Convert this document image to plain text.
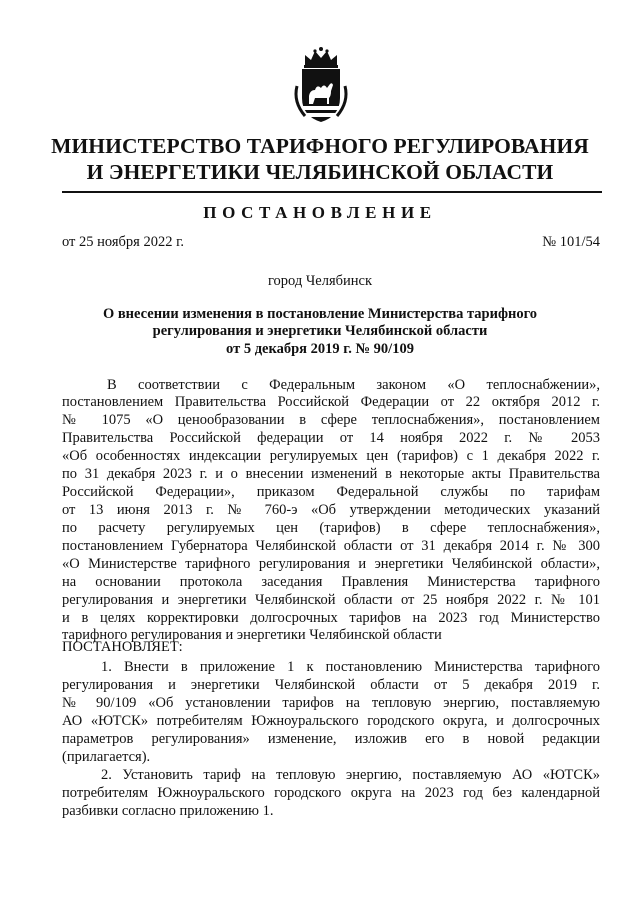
МИНИСТЕРСТВО ТАРИФНОГО РЕГУЛИРОВАНИЯ
И ЭНЕРГЕТИКИ ЧЕЛЯБИНСКОЙ ОБЛАСТИ
ПОСТАНОВЛЕНИЕ
от 25 ноября 2022 г.	№ 101/54
город Челябинск
О внесении изменения в постановление Министерства тарифного
регулирования и энергетики Челябинской области
от 5 декабря 2019 г. № 90/109
В соответствии с Федеральным законом «О теплоснабжении»,
постановлением Правительства Российской Федерации от 22 октября 2012 г.
№ 1075 «О ценообразовании в сфере теплоснабжения», постановлением
Правительства Российской федерации от 14 ноября 2022 г. № 2053
«Об особенностях индексации регулируемых цен (тарифов) с 1 декабря 2022 г.
по 31 декабря 2023 г. и о внесении изменений в некоторые акты Правительства
Российской Федерации», приказом Федеральной службы по тарифам
от 13 июня 2013 г. № 760-э «Об утверждении методических указаний
по расчету регулируемых цен (тарифов) в сфере теплоснабжения»,
постановлением Губернатора Челябинской области от 31 декабря 2014 г. № 300
«О Министерстве тарифного регулирования и энергетики Челябинской области»,
на основании протокола заседания Правления Министерства тарифного
регулирования и энергетики Челябинской области от 25 ноября 2022 г. № 101
и в целях корректировки долгосрочных тарифов на 2023 год Министерство
тарифного регулирования и энергетики Челябинской области
ПОСТАНОВЛЯЕТ:
1. Внести в приложение 1 к постановлению Министерства тарифного
регулирования и энергетики Челябинской области от 5 декабря 2019 г.
№ 90/109 «Об установлении тарифов на тепловую энергию, поставляемую
АО «ЮТСК» потребителям Южноуральского городского округа, и долгосрочных
параметров регулирования» изменение, изложив его в новой редакции
(прилагается).
2. Установить тариф на тепловую энергию, поставляемую АО «ЮТСК»
потребителям Южноуральского городского округа на 2023 год без календарной
разбивки согласно приложению 1.
